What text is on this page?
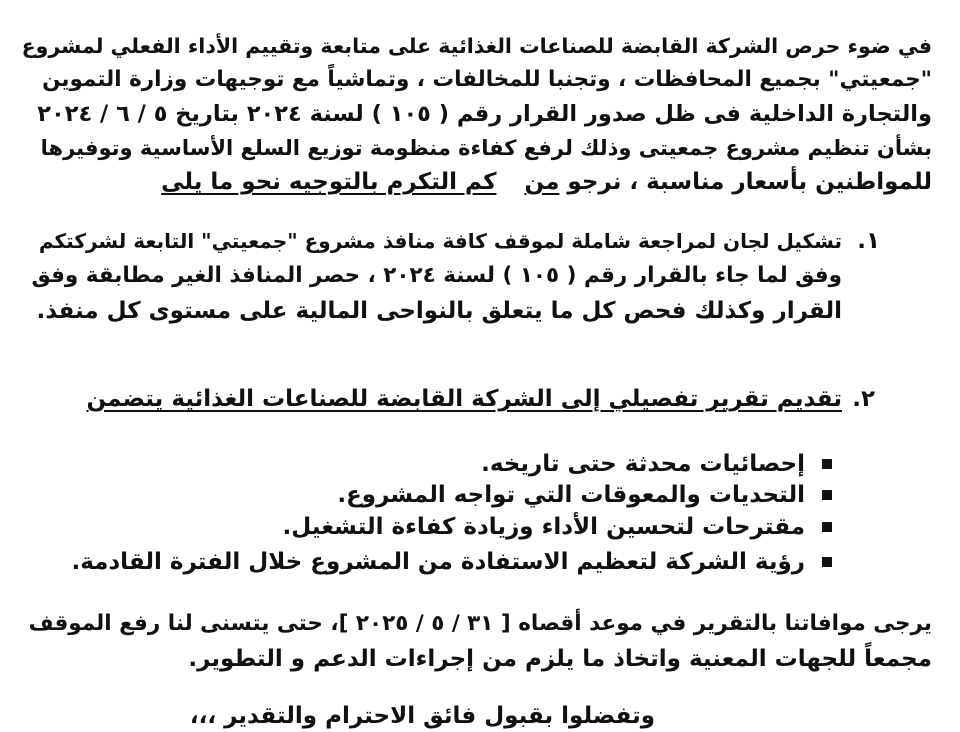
في ضوء حرص الشركة القابضة للصناعات الغذائية على متابعة وتقييم الأداء الفعلي لمشروع
"جمعيتي" بجميع المحافظات ، وتجنبا للمخالفات ، وتماشياً مع توجيهات وزارة التموين
والتجارة الداخلية فى ظل صدور القرار رقم ( ١٠٥ ) لسنة ٢٠٢٤ بتاريخ ٥ / ٦ / ٢٠٢٤
بشأن تنظيم مشروع جمعيتى وذلك لرفع كفاءة منظومة توزيع السلع الأساسية وتوفيرها
للمواطنين بأسعار مناسبة ، نرجو منكم التكرم بالتوجيه نحو ما يلى
١.
تشكيل لجان لمراجعة شاملة لموقف كافة منافذ مشروع "جمعيتي" التابعة لشركتكم
وفق لما جاء بالقرار رقم ( ١٠٥ ) لسنة ٢٠٢٤ ، حصر المنافذ الغير مطابقة وفق
القرار وكذلك فحص كل ما يتعلق بالنواحى المالية على مستوى كل منفذ.
٢.
تقديم تقرير تفصيلي إلى الشركة القابضة للصناعات الغذائية يتضمن
إحصائيات محدثة حتى تاريخه.
التحديات والمعوقات التي تواجه المشروع.
مقترحات لتحسين الأداء وزيادة كفاءة التشغيل.
رؤية الشركة لتعظيم الاستفادة من المشروع خلال الفترة القادمة.
يرجى موافاتنا بالتقرير في موعد أقصاه [ ٣١ / ٥ / ٢٠٢٥ ]، حتى يتسنى لنا رفع الموقف
مجمعاً للجهات المعنية واتخاذ ما يلزم من إجراءات الدعم و التطوير.
وتفضلوا بقبول فائق الاحترام والتقدير ،،،
